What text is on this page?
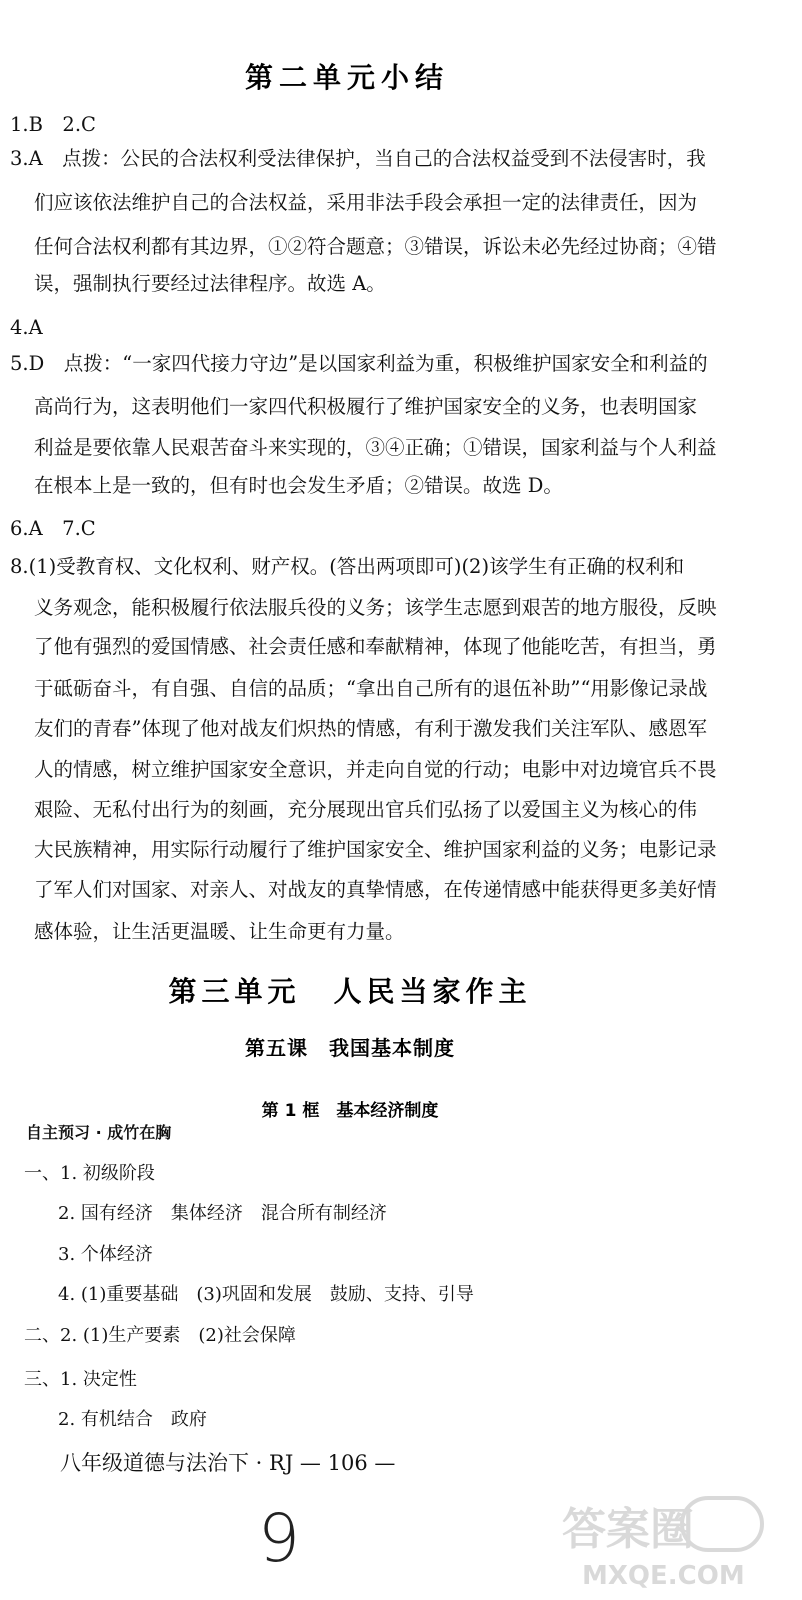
第二单元小结
1.B　2.C
3.A　点拨：公民的合法权利受法律保护，当自己的合法权益受到不法侵害时，我
们应该依法维护自己的合法权益，采用非法手段会承担一定的法律责任，因为
任何合法权利都有其边界，①②符合题意；③错误，诉讼未必先经过协商；④错
误，强制执行要经过法律程序。故选 A。
4.A
5.D　点拨：“一家四代接力守边”是以国家利益为重，积极维护国家安全和利益的
高尚行为，这表明他们一家四代积极履行了维护国家安全的义务，也表明国家
利益是要依靠人民艰苦奋斗来实现的，③④正确；①错误，国家利益与个人利益
在根本上是一致的，但有时也会发生矛盾；②错误。故选 D。
6.A　7.C
8.(1)受教育权、文化权利、财产权。(答出两项即可)(2)该学生有正确的权利和
义务观念，能积极履行依法服兵役的义务；该学生志愿到艰苦的地方服役，反映
了他有强烈的爱国情感、社会责任感和奉献精神，体现了他能吃苦，有担当，勇
于砥砺奋斗，有自强、自信的品质；“拿出自己所有的退伍补助”“用影像记录战
友们的青春”体现了他对战友们炽热的情感，有利于激发我们关注军队、感恩军
人的情感，树立维护国家安全意识，并走向自觉的行动；电影中对边境官兵不畏
艰险、无私付出行为的刻画，充分展现出官兵们弘扬了以爱国主义为核心的伟
大民族精神，用实际行动履行了维护国家安全、维护国家利益的义务；电影记录
了军人们对国家、对亲人、对战友的真挚情感，在传递情感中能获得更多美好情
感体验，让生活更温暖、让生命更有力量。
第三单元　人民当家作主
第五课　我国基本制度
第 1 框　基本经济制度
自主预习 · 成竹在胸
一、1. 初级阶段
2. 国有经济　集体经济　混合所有制经济
3. 个体经济
4. (1)重要基础　(3)巩固和发展　鼓励、支持、引导
二、2. (1)生产要素　(2)社会保障
三、1. 决定性
2. 有机结合　政府
八年级道德与法治下 · RJ — 106 —
9	答案圈
MXQE.COM
